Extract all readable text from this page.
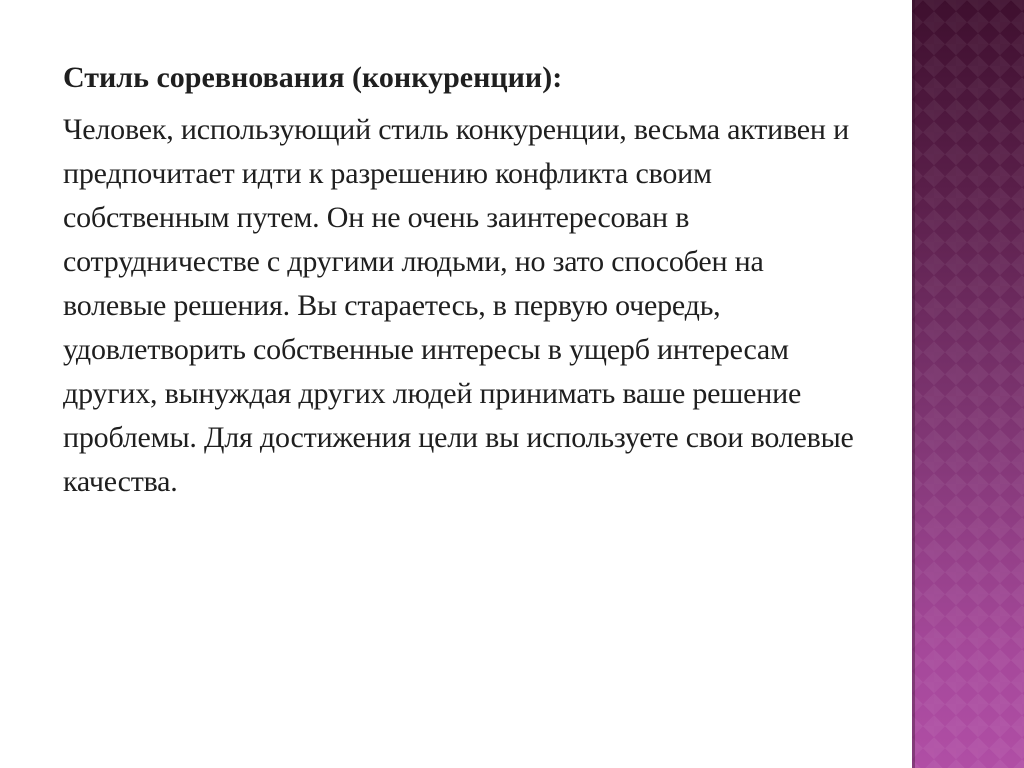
Стиль соревнования (конкуренции):

Человек, использующий стиль конкуренции, весьма активен и предпочитает идти к разрешению конфликта своим собственным путем. Он не очень заинтересован в сотрудничестве с другими людьми, но зато способен на волевые решения. Вы стараетесь, в первую очередь, удовлетворить собственные интересы в ущерб интересам других, вынуждая других людей принимать ваше решение проблемы. Для достижения цели вы используете свои волевые качества.
